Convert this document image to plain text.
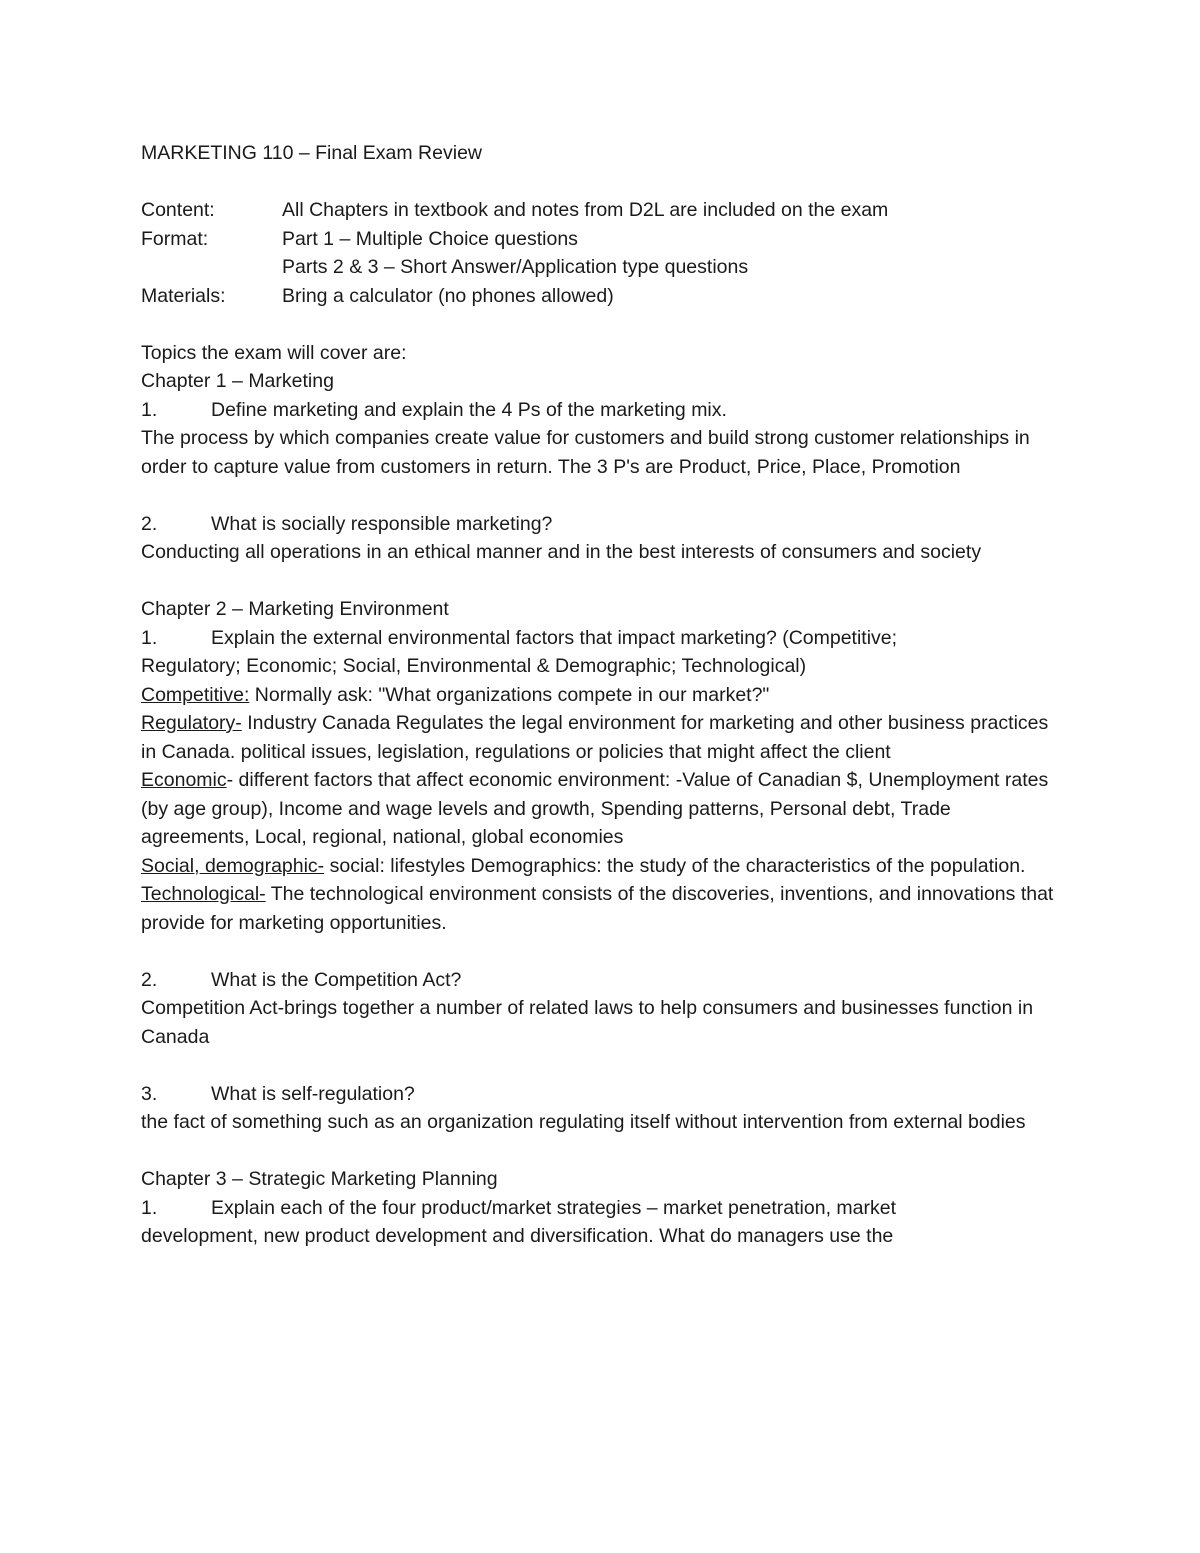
MARKETING 110 – Final Exam Review
Content:	All Chapters in textbook and notes from D2L are included on the exam
Format:	Part 1 – Multiple Choice questions
Parts 2 & 3 – Short Answer/Application type questions
Materials:	Bring a calculator (no phones allowed)
Topics the exam will cover are:
Chapter 1 – Marketing
1.	Define marketing and explain the 4 Ps of the marketing mix.
The process by which companies create value for customers and build strong customer relationships in order to capture value from customers in return. The 3 P's are Product, Price, Place, Promotion
2.	What is socially responsible marketing?
Conducting all operations in an ethical manner and in the best interests of consumers and society
Chapter 2 – Marketing Environment
1.	Explain the external environmental factors that impact marketing? (Competitive;
Regulatory; Economic; Social, Environmental & Demographic; Technological)
Competitive: Normally ask: "What organizations compete in our market?"
Regulatory- Industry Canada Regulates the legal environment for marketing and other business practices in Canada. political issues, legislation, regulations or policies that might affect the client
Economic- different factors that affect economic environment: -Value of Canadian $, Unemployment rates (by age group), Income and wage levels and growth, Spending patterns, Personal debt, Trade agreements, Local, regional, national, global economies
Social, demographic- social: lifestyles Demographics: the study of the characteristics of the population.
Technological- The technological environment consists of the discoveries, inventions, and innovations that provide for marketing opportunities.
2.	What is the Competition Act?
Competition Act-brings together a number of related laws to help consumers and businesses function in Canada
3.	What is self-regulation?
the fact of something such as an organization regulating itself without intervention from external bodies
Chapter 3 – Strategic Marketing Planning
1.	Explain each of the four product/market strategies – market penetration, market
development, new product development and diversification. What do managers use the
